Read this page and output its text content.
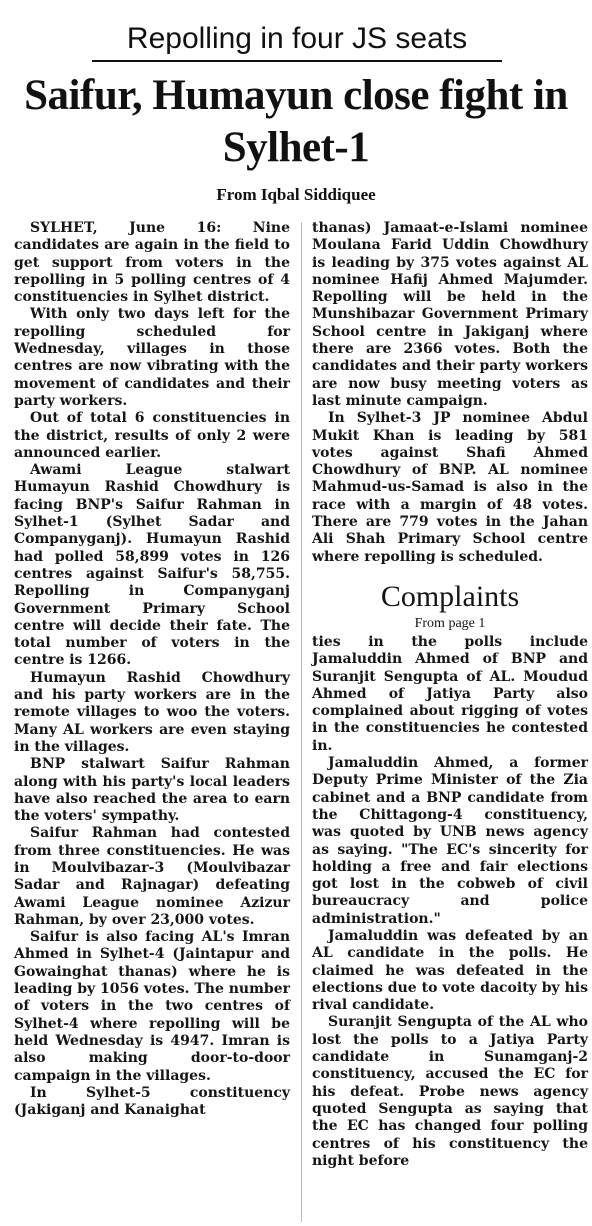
Repolling in four JS seats
Saifur, Humayun close fight in Sylhet-1
From Iqbal Siddiquee

SYLHET, June 16: Nine candidates are again in the field to get support from voters in the repolling in 5 polling centres of 4 constituencies in Sylhet district.

With only two days left for the repolling scheduled for Wednesday, villages in those centres are now vibrating with the movement of candidates and their party workers.

Out of total 6 constituencies in the district, results of only 2 were announced earlier.

Awami League stalwart Humayun Rashid Chowdhury is facing BNP's Saifur Rahman in Sylhet-1 (Sylhet Sadar and Companyganj). Humayun Rashid had polled 58,899 votes in 126 centres against Saifur's 58,755. Repolling in Companyganj Government Primary School centre will decide their fate. The total number of voters in the centre is 1266.

Humayun Rashid Chowdhury and his party workers are in the remote villages to woo the voters. Many AL workers are even staying in the villages.

BNP stalwart Saifur Rahman along with his party's local leaders have also reached the area to earn the voters' sympathy.

Saifur Rahman had contested from three constituencies. He was in Moulvibazar-3 (Moulvibazar Sadar and Rajnagar) defeating Awami League nominee Azizur Rahman, by over 23,000 votes.

Saifur is also facing AL's Imran Ahmed in Sylhet-4 (Jaintapur and Gowainghat thanas) where he is leading by 1056 votes. The number of voters in the two centres of Sylhet-4 where repolling will be held Wednesday is 4947. Imran is also making door-to-door campaign in the villages.

In Sylhet-5 constituency (Jakiganj and Kanaighat

thanas) Jamaat-e-Islami nominee Moulana Farid Uddin Chowdhury is leading by 375 votes against AL nominee Hafij Ahmed Majumder. Repolling will be held in the Munshibazar Government Primary School centre in Jakiganj where there are 2366 votes. Both the candidates and their party workers are now busy meeting voters as last minute campaign.

In Sylhet-3 JP nominee Abdul Mukit Khan is leading by 581 votes against Shafi Ahmed Chowdhury of BNP. AL nominee Mahmud-us-Samad is also in the race with a margin of 48 votes. There are 779 votes in the Jahan Ali Shah Primary School centre where repolling is scheduled.

Complaints
From page 1

ties in the polls include Jamaluddin Ahmed of BNP and Suranjit Sengupta of AL. Moudud Ahmed of Jatiya Party also complained about rigging of votes in the constituencies he contested in.

Jamaluddin Ahmed, a former Deputy Prime Minister of the Zia cabinet and a BNP candidate from the Chittagong-4 constituency, was quoted by UNB news agency as saying. "The EC's sincerity for holding a free and fair elections got lost in the cobweb of civil bureaucracy and police administration."

Jamaluddin was defeated by an AL candidate in the polls. He claimed he was defeated in the elections due to vote dacoity by his rival candidate.

Suranjit Sengupta of the AL who lost the polls to a Jatiya Party candidate in Sunamganj-2 constituency, accused the EC for his defeat. Probe news agency quoted Sengupta as saying that the EC has changed four polling centres of his constituency the night before
